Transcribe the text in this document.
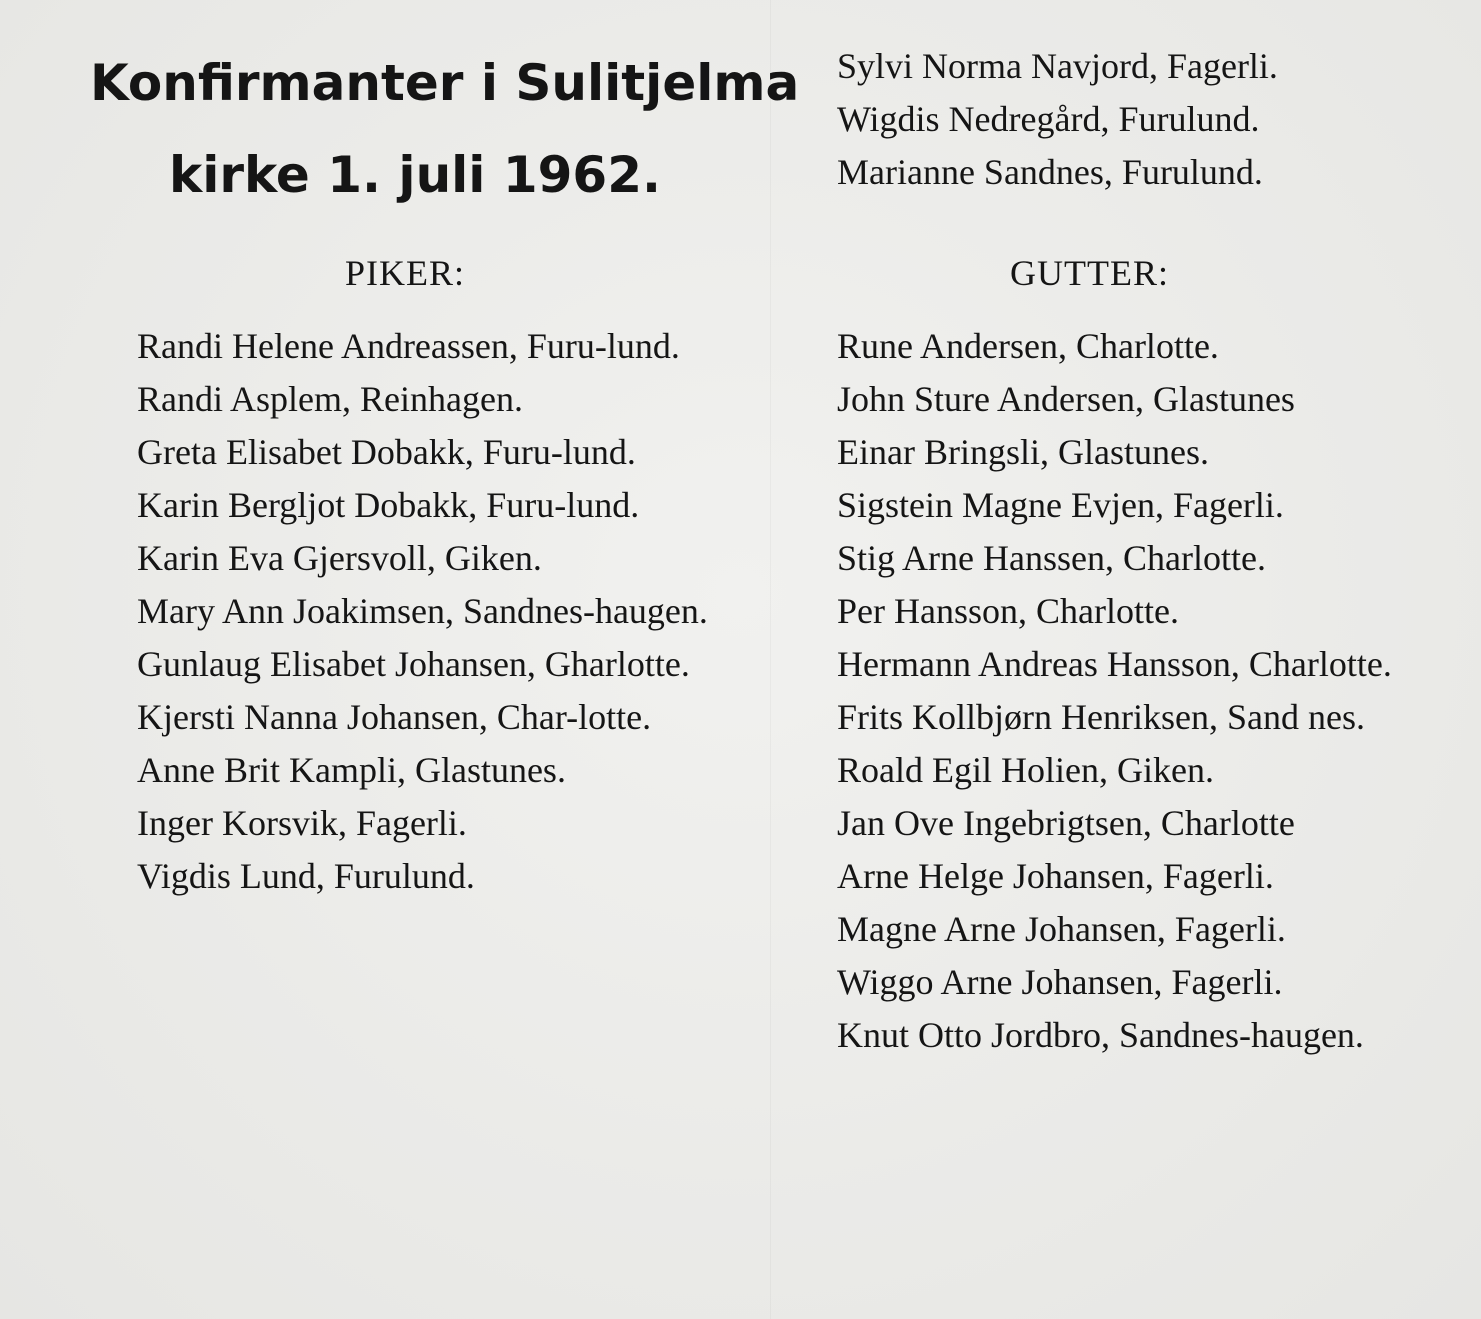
Konfirmanter i Sulitjelma
kirke 1. juli 1962.
PIKER:

Randi Helene Andreassen, Furu-lund.

Randi Asplem, Reinhagen.

Greta Elisabet Dobakk, Furu-lund.

Karin Bergljot Dobakk, Furu-lund.

Karin Eva Gjersvoll, Giken.

Mary Ann Joakimsen, Sandnes-haugen.

Gunlaug Elisabet Johansen, Gharlotte.

Kjersti Nanna Johansen, Char-lotte.

Anne Brit Kampli, Glastunes.

Inger Korsvik, Fagerli.

Vigdis Lund, Furulund.

Sylvi Norma Navjord, Fagerli.

Wigdis Nedregård, Furulund.

Marianne Sandnes, Furulund.

GUTTER:

Rune Andersen, Charlotte.

John Sture Andersen, Glastunes

Einar Bringsli, Glastunes.

Sigstein Magne Evjen, Fagerli.

Stig Arne Hanssen, Charlotte.

Per Hansson, Charlotte.

Hermann Andreas Hansson, Charlotte.

Frits Kollbjørn Henriksen, Sand nes.

Roald Egil Holien, Giken.

Jan Ove Ingebrigtsen, Charlotte

Arne Helge Johansen, Fagerli.

Magne Arne Johansen, Fagerli.

Wiggo Arne Johansen, Fagerli.

Knut Otto Jordbro, Sandnes-haugen.
